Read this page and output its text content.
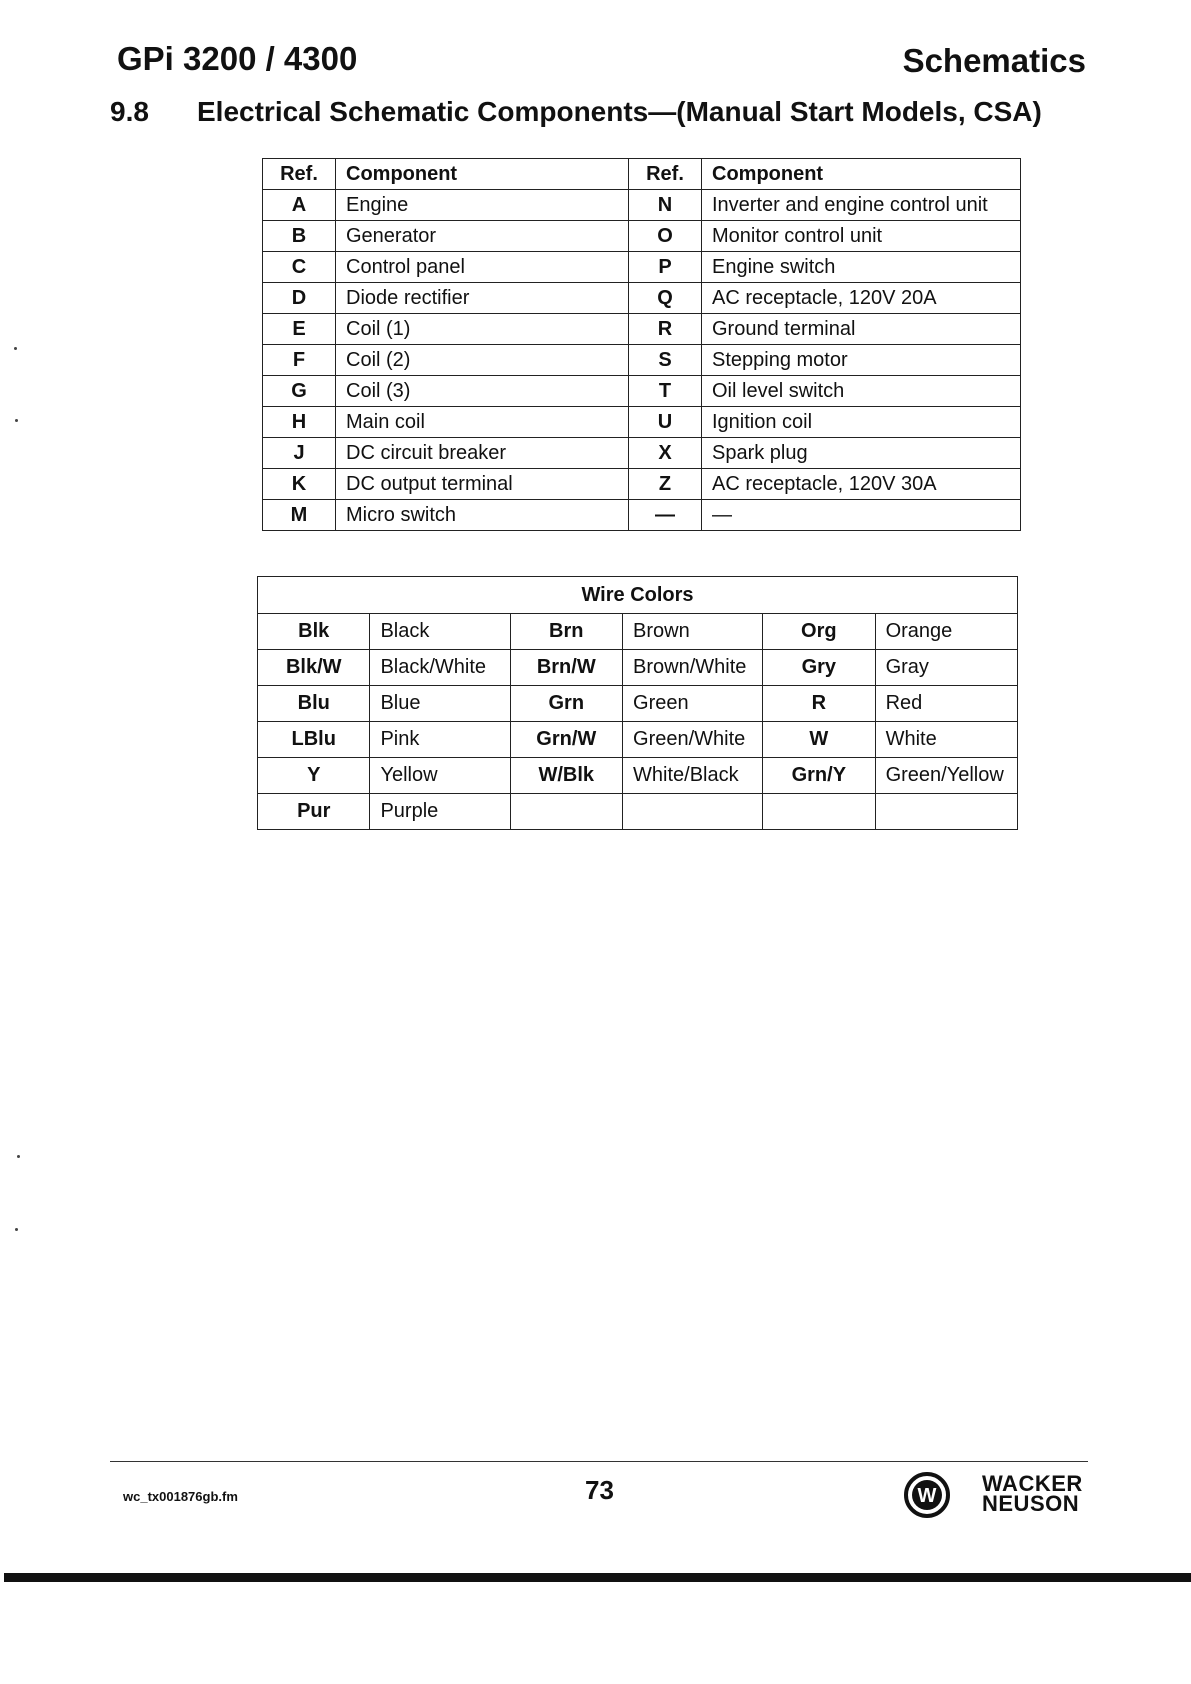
GPi 3200 / 4300	Schematics
9.8 Electrical Schematic Components—(Manual Start Models, CSA)
Ref.	Component	Ref.	Component
A	Engine	N	Inverter and engine control unit
B	Generator	O	Monitor control unit
C	Control panel	P	Engine switch
D	Diode rectifier	Q	AC receptacle, 120V 20A
E	Coil (1)	R	Ground terminal
F	Coil (2)	S	Stepping motor
G	Coil (3)	T	Oil level switch
H	Main coil	U	Ignition coil
J	DC circuit breaker	X	Spark plug
K	DC output terminal	Z	AC receptacle, 120V 30A
M	Micro switch	—	—
Wire Colors					
Blk	Black	Brn	Brown	Org	Orange
Blk/W	Black/White	Brn/W	Brown/White	Gry	Gray
Blu	Blue	Grn	Green	R	Red
LBlu	Pink	Grn/W	Green/White	W	White
Y	Yellow	W/Blk	White/Black	Grn/Y	Green/Yellow
Pur	Purple				
wc_tx001876gb.fm	73	W WACKER
NEUSON
